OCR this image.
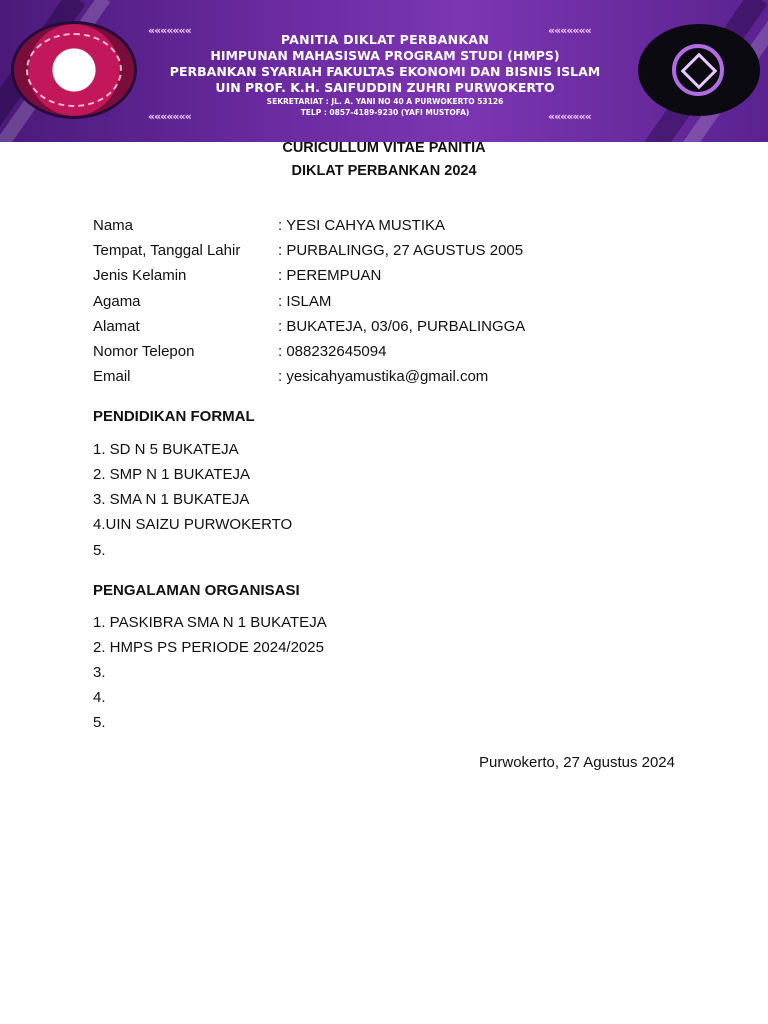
«««««««	«««««««
«««««««	«««««««
PANITIA DIKLAT PERBANKAN
HIMPUNAN MAHASISWA PROGRAM STUDI (HMPS)
PERBANKAN SYARIAH FAKULTAS EKONOMI DAN BISNIS ISLAM
UIN PROF. K.H. SAIFUDDIN ZUHRI PURWOKERTO
SEKRETARIAT : JL. A. YANI NO 40 A PURWOKERTO 53126
TELP : 0857-4189-9230 (YAFI MUSTOFA)
CURICULLUM VITAE PANITIA
DIKLAT PERBANKAN 2024
Nama	: YESI CAHYA MUSTIKA
Tempat, Tanggal Lahir	: PURBALINGG, 27 AGUSTUS 2005
Jenis Kelamin	: PEREMPUAN
Agama	: ISLAM
Alamat	: BUKATEJA, 03/06, PURBALINGGA
Nomor Telepon	: 088232645094
Email	: yesicahyamustika@gmail.com
PENDIDIKAN FORMAL
1. SD N 5 BUKATEJA
2. SMP N 1 BUKATEJA
3. SMA N 1 BUKATEJA
4.UIN SAIZU PURWOKERTO
5.
PENGALAMAN ORGANISASI
1. PASKIBRA SMA N 1 BUKATEJA
2. HMPS PS PERIODE 2024/2025
3.
4.
5.
Purwokerto, 27 Agustus 2024
